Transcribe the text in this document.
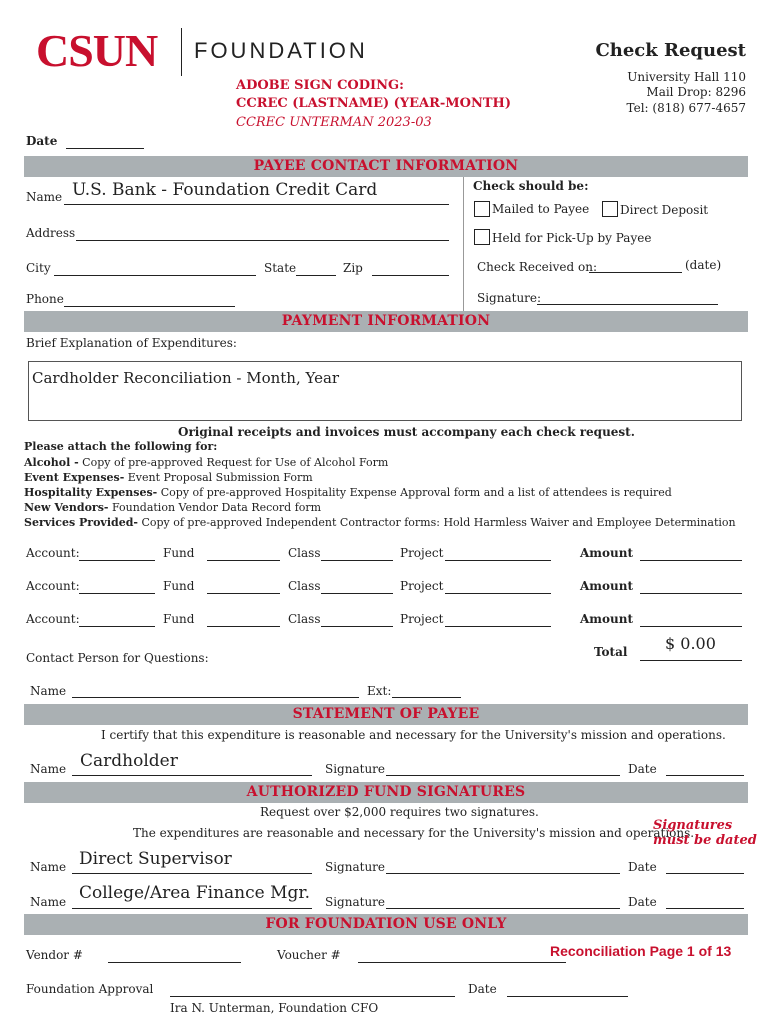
CSUN FOUNDATION	Check Request
University Hall 110
Mail Drop: 8296
Tel: (818) 677-4657
ADOBE SIGN CODING:
CCREC (LASTNAME) (YEAR-MONTH)
CCREC UNTERMAN 2023-03
Date
PAYEE CONTACT INFORMATION
Name U.S. Bank - Foundation Credit Card
Address
City	State	Zip
Phone
Check should be:
Mailed to Payee	Direct Deposit
Held for Pick-Up by Payee
Check Received on:	(date)
Signature:
PAYMENT INFORMATION
Brief Explanation of Expenditures:
Cardholder Reconciliation - Month, Year
Original receipts and invoices must accompany each check request.
Please attach the following for:
Alcohol - Copy of pre-approved Request for Use of Alcohol Form
Event Expenses- Event Proposal Submission Form
Hospitality Expenses- Copy of pre-approved Hospitality Expense Approval form and a list of attendees is required
New Vendors- Foundation Vendor Data Record form
Services Provided- Copy of pre-approved Independent Contractor forms: Hold Harmless Waiver and Employee Determination
Account:	Fund	Class	Project	Amount
Account:	Fund	Class	Project	Amount
Account:	Fund	Class	Project	Amount
Total $ 0.00
Contact Person for Questions:
Name	Ext:
STATEMENT OF PAYEE
I certify that this expenditure is reasonable and necessary for the University's mission and operations.
Name Cardholder	Signature	Date
AUTHORIZED FUND SIGNATURES
Request over $2,000 requires two signatures.
The expenditures are reasonable and necessary for the University's mission and operations.
Signatures
must be dated
Name Direct Supervisor	Signature	Date
Name College/Area Finance Mgr. Signature	Date
FOR FOUNDATION USE ONLY
Vendor #	Voucher #	Reconciliation Page 1 of 13
Foundation Approval	Date
Ira N. Unterman, Foundation CFO
